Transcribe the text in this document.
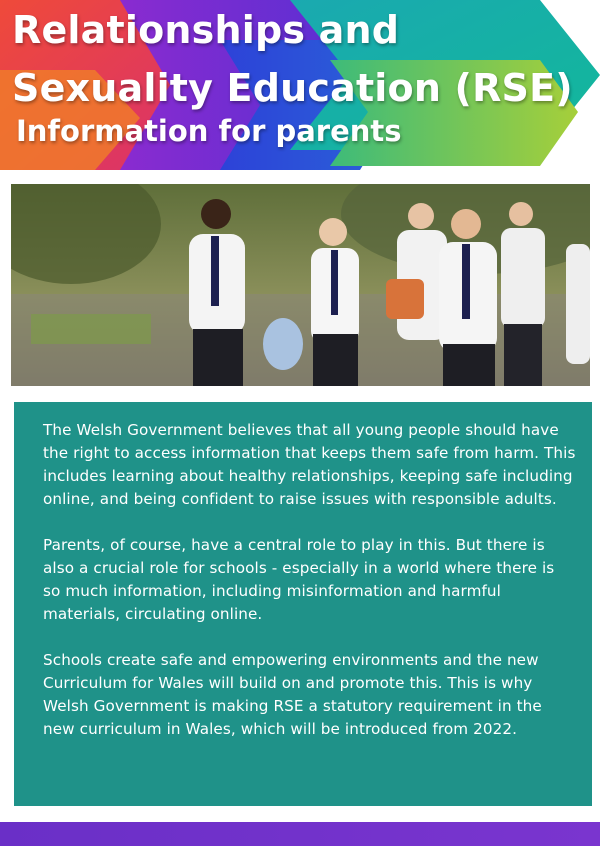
Relationships and
Sexuality Education (RSE)
Information for parents

The Welsh Government believes that all young people should have the right to access information that keeps them safe from harm. This includes learning about healthy relationships, keeping safe including online, and being confident to raise issues with responsible adults.

Parents, of course, have a central role to play in this. But there is also a crucial role for schools - especially in a world where there is so much information, including misinformation and harmful materials, circulating online.

Schools create safe and empowering environments and the new Curriculum for Wales will build on and promote this. This is why Welsh Government is making RSE a statutory requirement in the new curriculum in Wales, which will be introduced from 2022.
